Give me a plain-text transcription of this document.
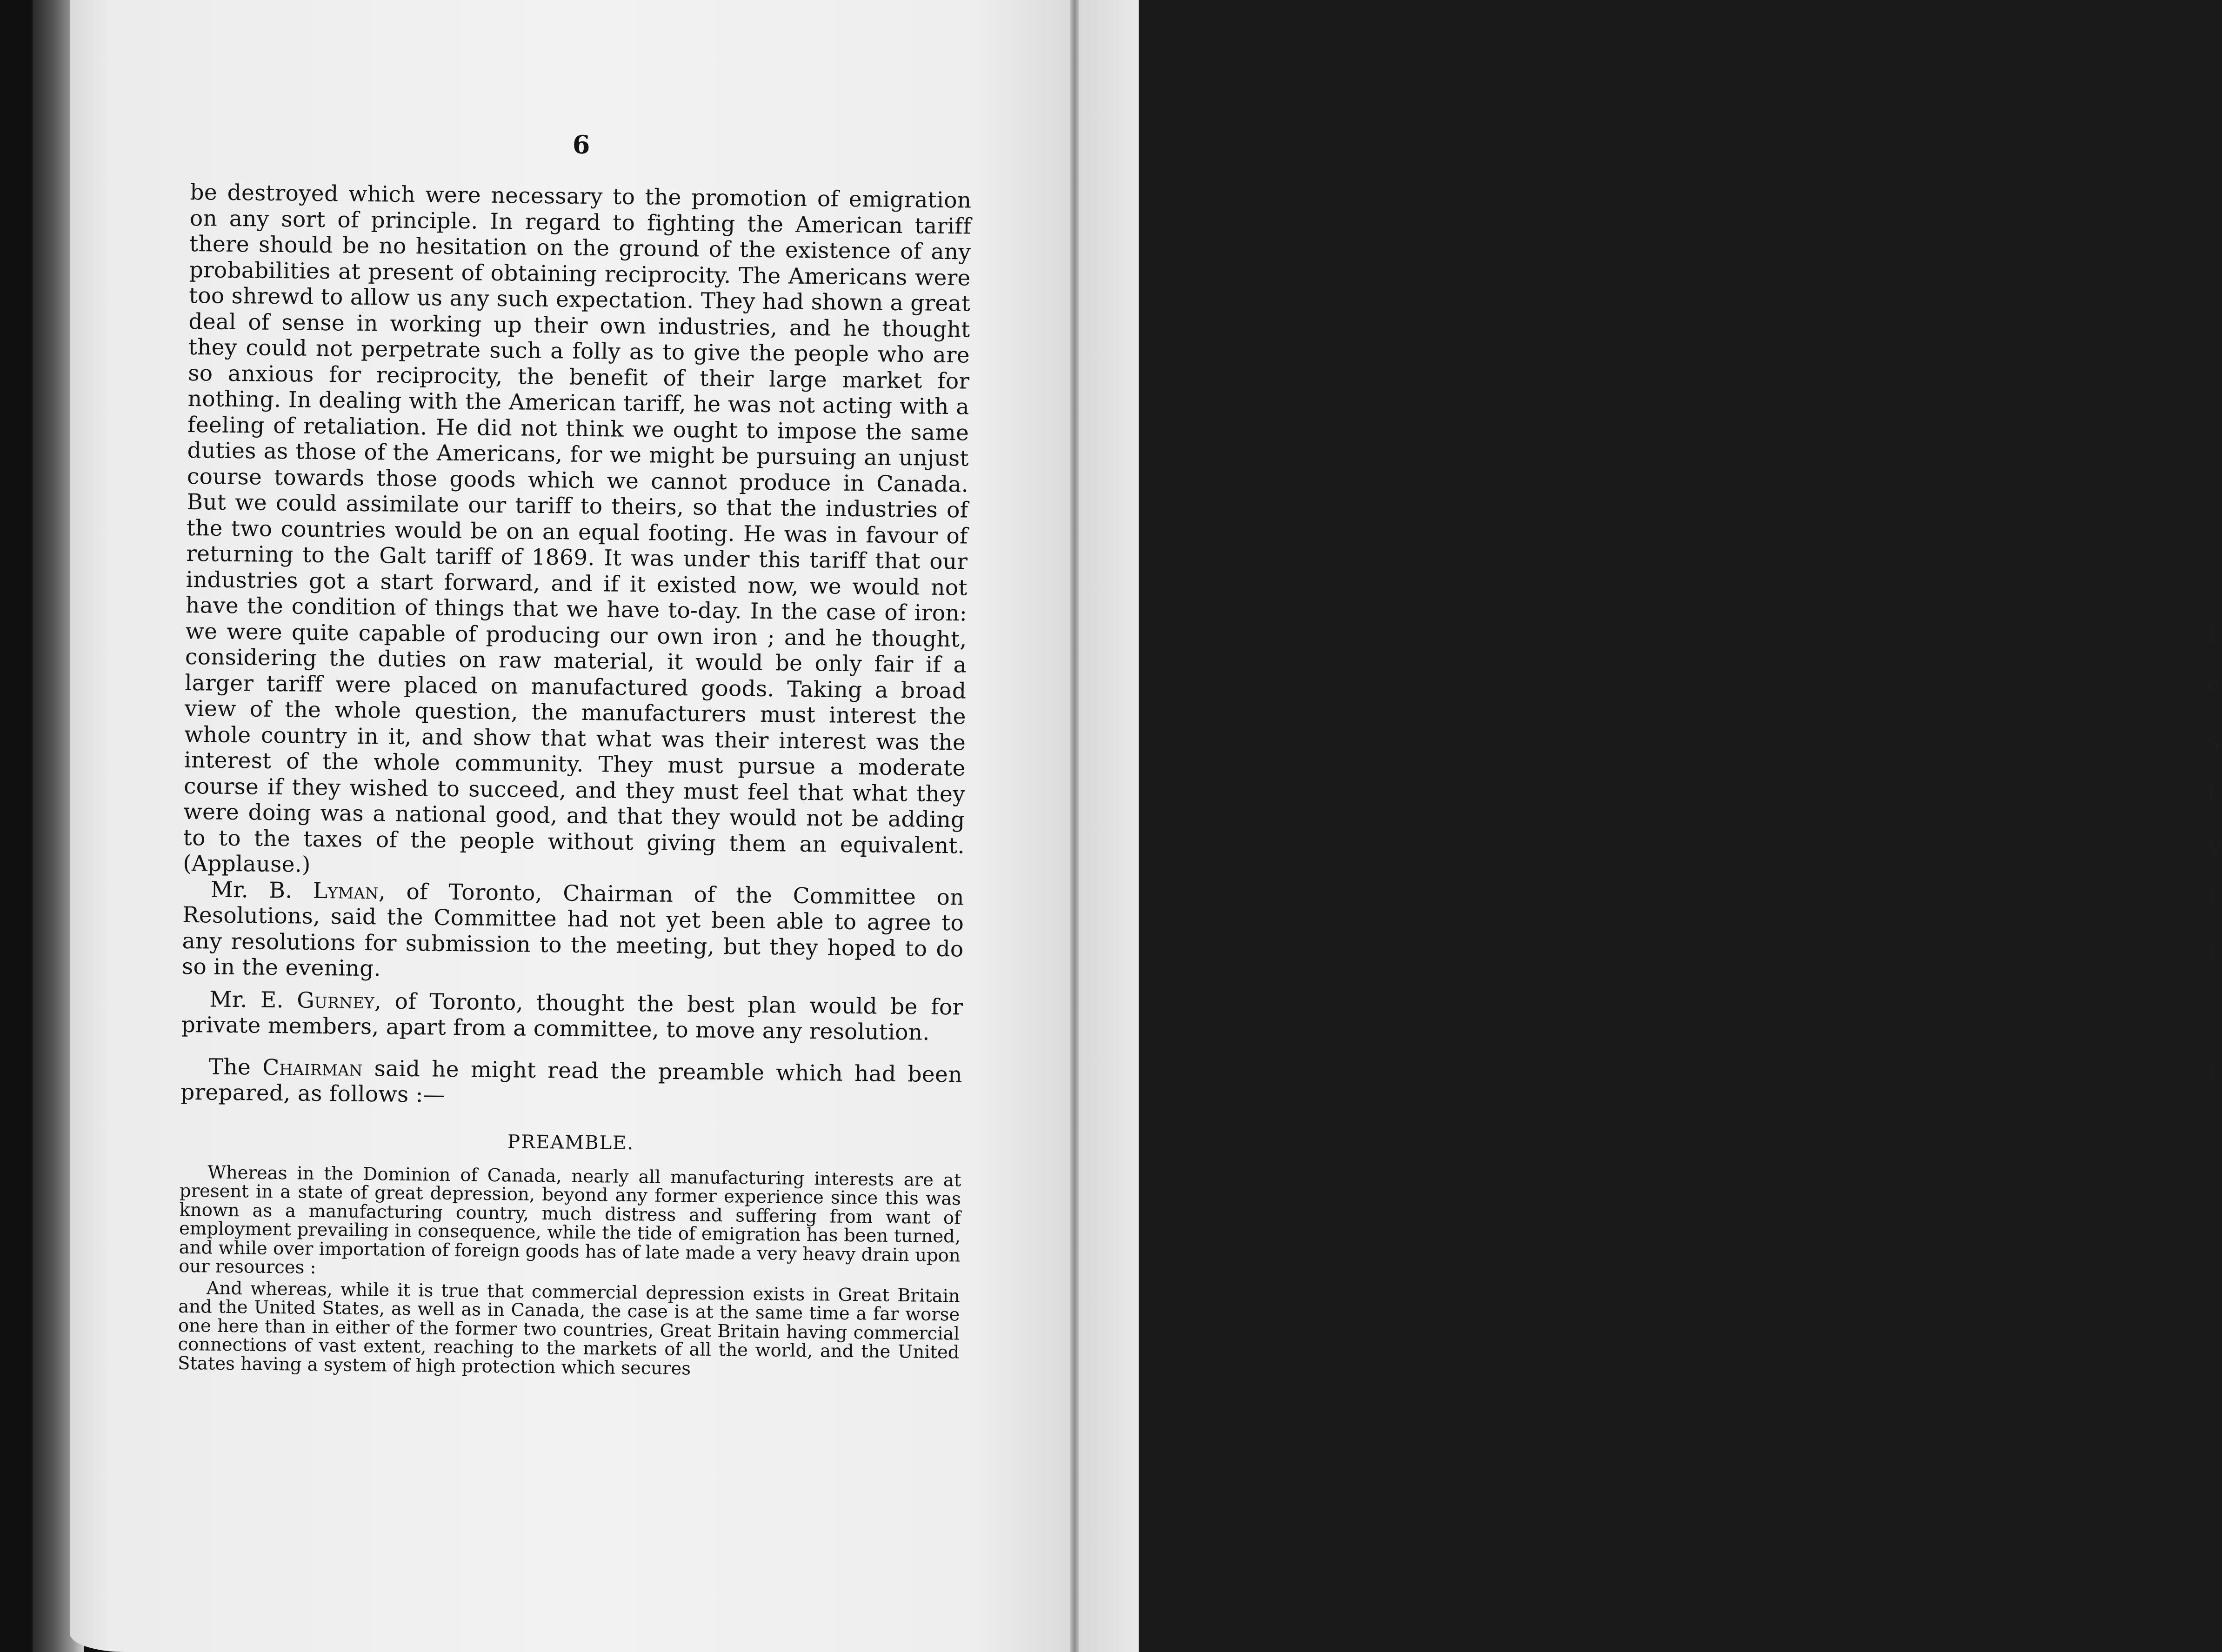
t
c
s
t
v
l
t
f
6

be destroyed which were necessary to the promotion of emigration on any sort of principle. In regard to fighting the American tariff there should be no hesitation on the ground of the existence of any probabilities at present of obtaining reciprocity. The Americans were too shrewd to allow us any such expectation. They had shown a great deal of sense in working up their own industries, and he thought they could not perpetrate such a folly as to give the people who are so anxious for reciprocity, the benefit of their large market for nothing. In dealing with the American tariff, he was not acting with a feeling of retaliation. He did not think we ought to impose the same duties as those of the Americans, for we might be pursuing an unjust course towards those goods which we cannot produce in Canada. But we could assimilate our tariff to theirs, so that the industries of the two countries would be on an equal footing. He was in favour of returning to the Galt tariff of 1869. It was under this tariff that our industries got a start forward, and if it existed now, we would not have the condition of things that we have to-day. In the case of iron: we were quite capable of producing our own iron ; and he thought, considering the duties on raw material, it would be only fair if a larger tariff were placed on manufactured goods. Taking a broad view of the whole question, the manufacturers must interest the whole country in it, and show that what was their interest was the interest of the whole community. They must pursue a moderate course if they wished to succeed, and they must feel that what they were doing was a national good, and that they would not be adding to to the taxes of the people without giving them an equivalent. (Applause.)

Mr. B. Lyman, of Toronto, Chairman of the Committee on Resolutions, said the Committee had not yet been able to agree to any resolutions for submission to the meeting, but they hoped to do so in the evening.

Mr. E. Gurney, of Toronto, thought the best plan would be for private members, apart from a committee, to move any resolution.

The Chairman said he might read the preamble which had been prepared, as follows :—

PREAMBLE.

Whereas in the Dominion of Canada, nearly all manufacturing interests are at present in a state of great depression, beyond any former experience since this was known as a manufacturing country, much distress and suffering from want of employment prevailing in consequence, while the tide of emigration has been turned, and while over importation of foreign goods has of late made a very heavy drain upon our resources :

And whereas, while it is true that commercial depression exists in Great Britain and the United States, as well as in Canada, the case is at the same time a far worse one here than in either of the former two countries, Great Britain having commercial connections of vast extent, reaching to the markets of all the world, and the United States having a system of high protection which secures
